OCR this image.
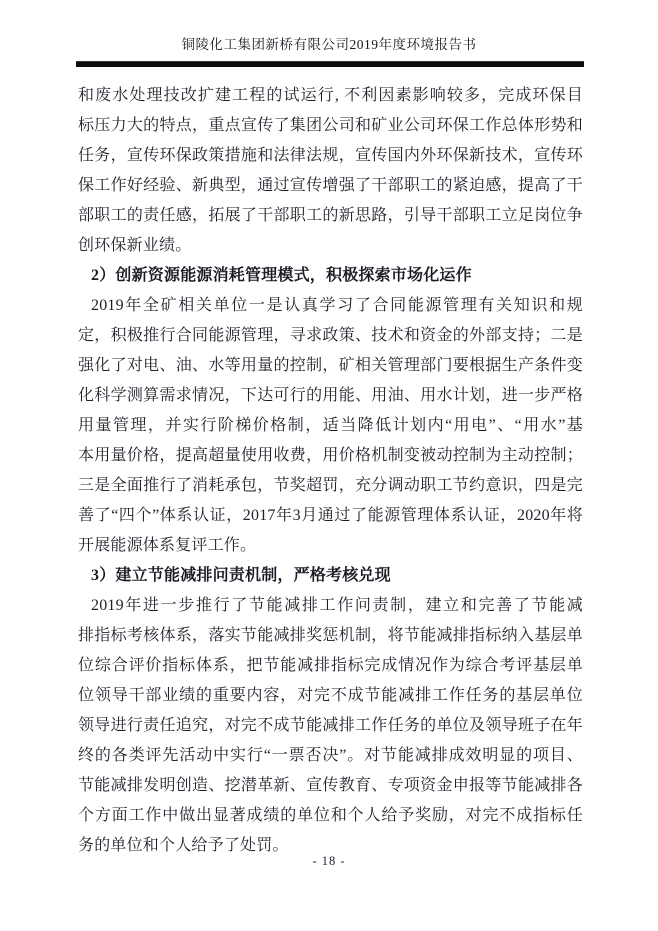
铜陵化工集团新桥有限公司2019年度环境报告书
和废水处理技改扩建工程的试运行, 不利因素影响较多，完成环保目
标压力大的特点，重点宣传了集团公司和矿业公司环保工作总体形势和
任务，宣传环保政策措施和法律法规，宣传国内外环保新技术，宣传环
保工作好经验、新典型，通过宣传增强了干部职工的紧迫感，提高了干
部职工的责任感，拓展了干部职工的新思路，引导干部职工立足岗位争
创环保新业绩。
2）创新资源能源消耗管理模式，积极探索市场化运作
2019年全矿相关单位一是认真学习了合同能源管理有关知识和规
定，积极推行合同能源管理，寻求政策、技术和资金的外部支持；二是
强化了对电、油、水等用量的控制，矿相关管理部门要根据生产条件变
化科学测算需求情况，下达可行的用能、用油、用水计划，进一步严格
用量管理，并实行阶梯价格制，适当降低计划内“用电”、“用水”基
本用量价格，提高超量使用收费，用价格机制变被动控制为主动控制；
三是全面推行了消耗承包，节奖超罚，充分调动职工节约意识，四是完
善了“四个”体系认证，2017年3月通过了能源管理体系认证，2020年将
开展能源体系复评工作。
3）建立节能减排问责机制，严格考核兑现
2019年进一步推行了节能减排工作问责制，建立和完善了节能减
排指标考核体系，落实节能减排奖惩机制，将节能减排指标纳入基层单
位综合评价指标体系，把节能减排指标完成情况作为综合考评基层单
位领导干部业绩的重要内容，对完不成节能减排工作任务的基层单位
领导进行责任追究，对完不成节能减排工作任务的单位及领导班子在年
终的各类评先活动中实行“一票否决”。对节能减排成效明显的项目、
节能减排发明创造、挖潜革新、宣传教育、专项资金申报等节能减排各
个方面工作中做出显著成绩的单位和个人给予奖励，对完不成指标任
务的单位和个人给予了处罚。
- 18 -
